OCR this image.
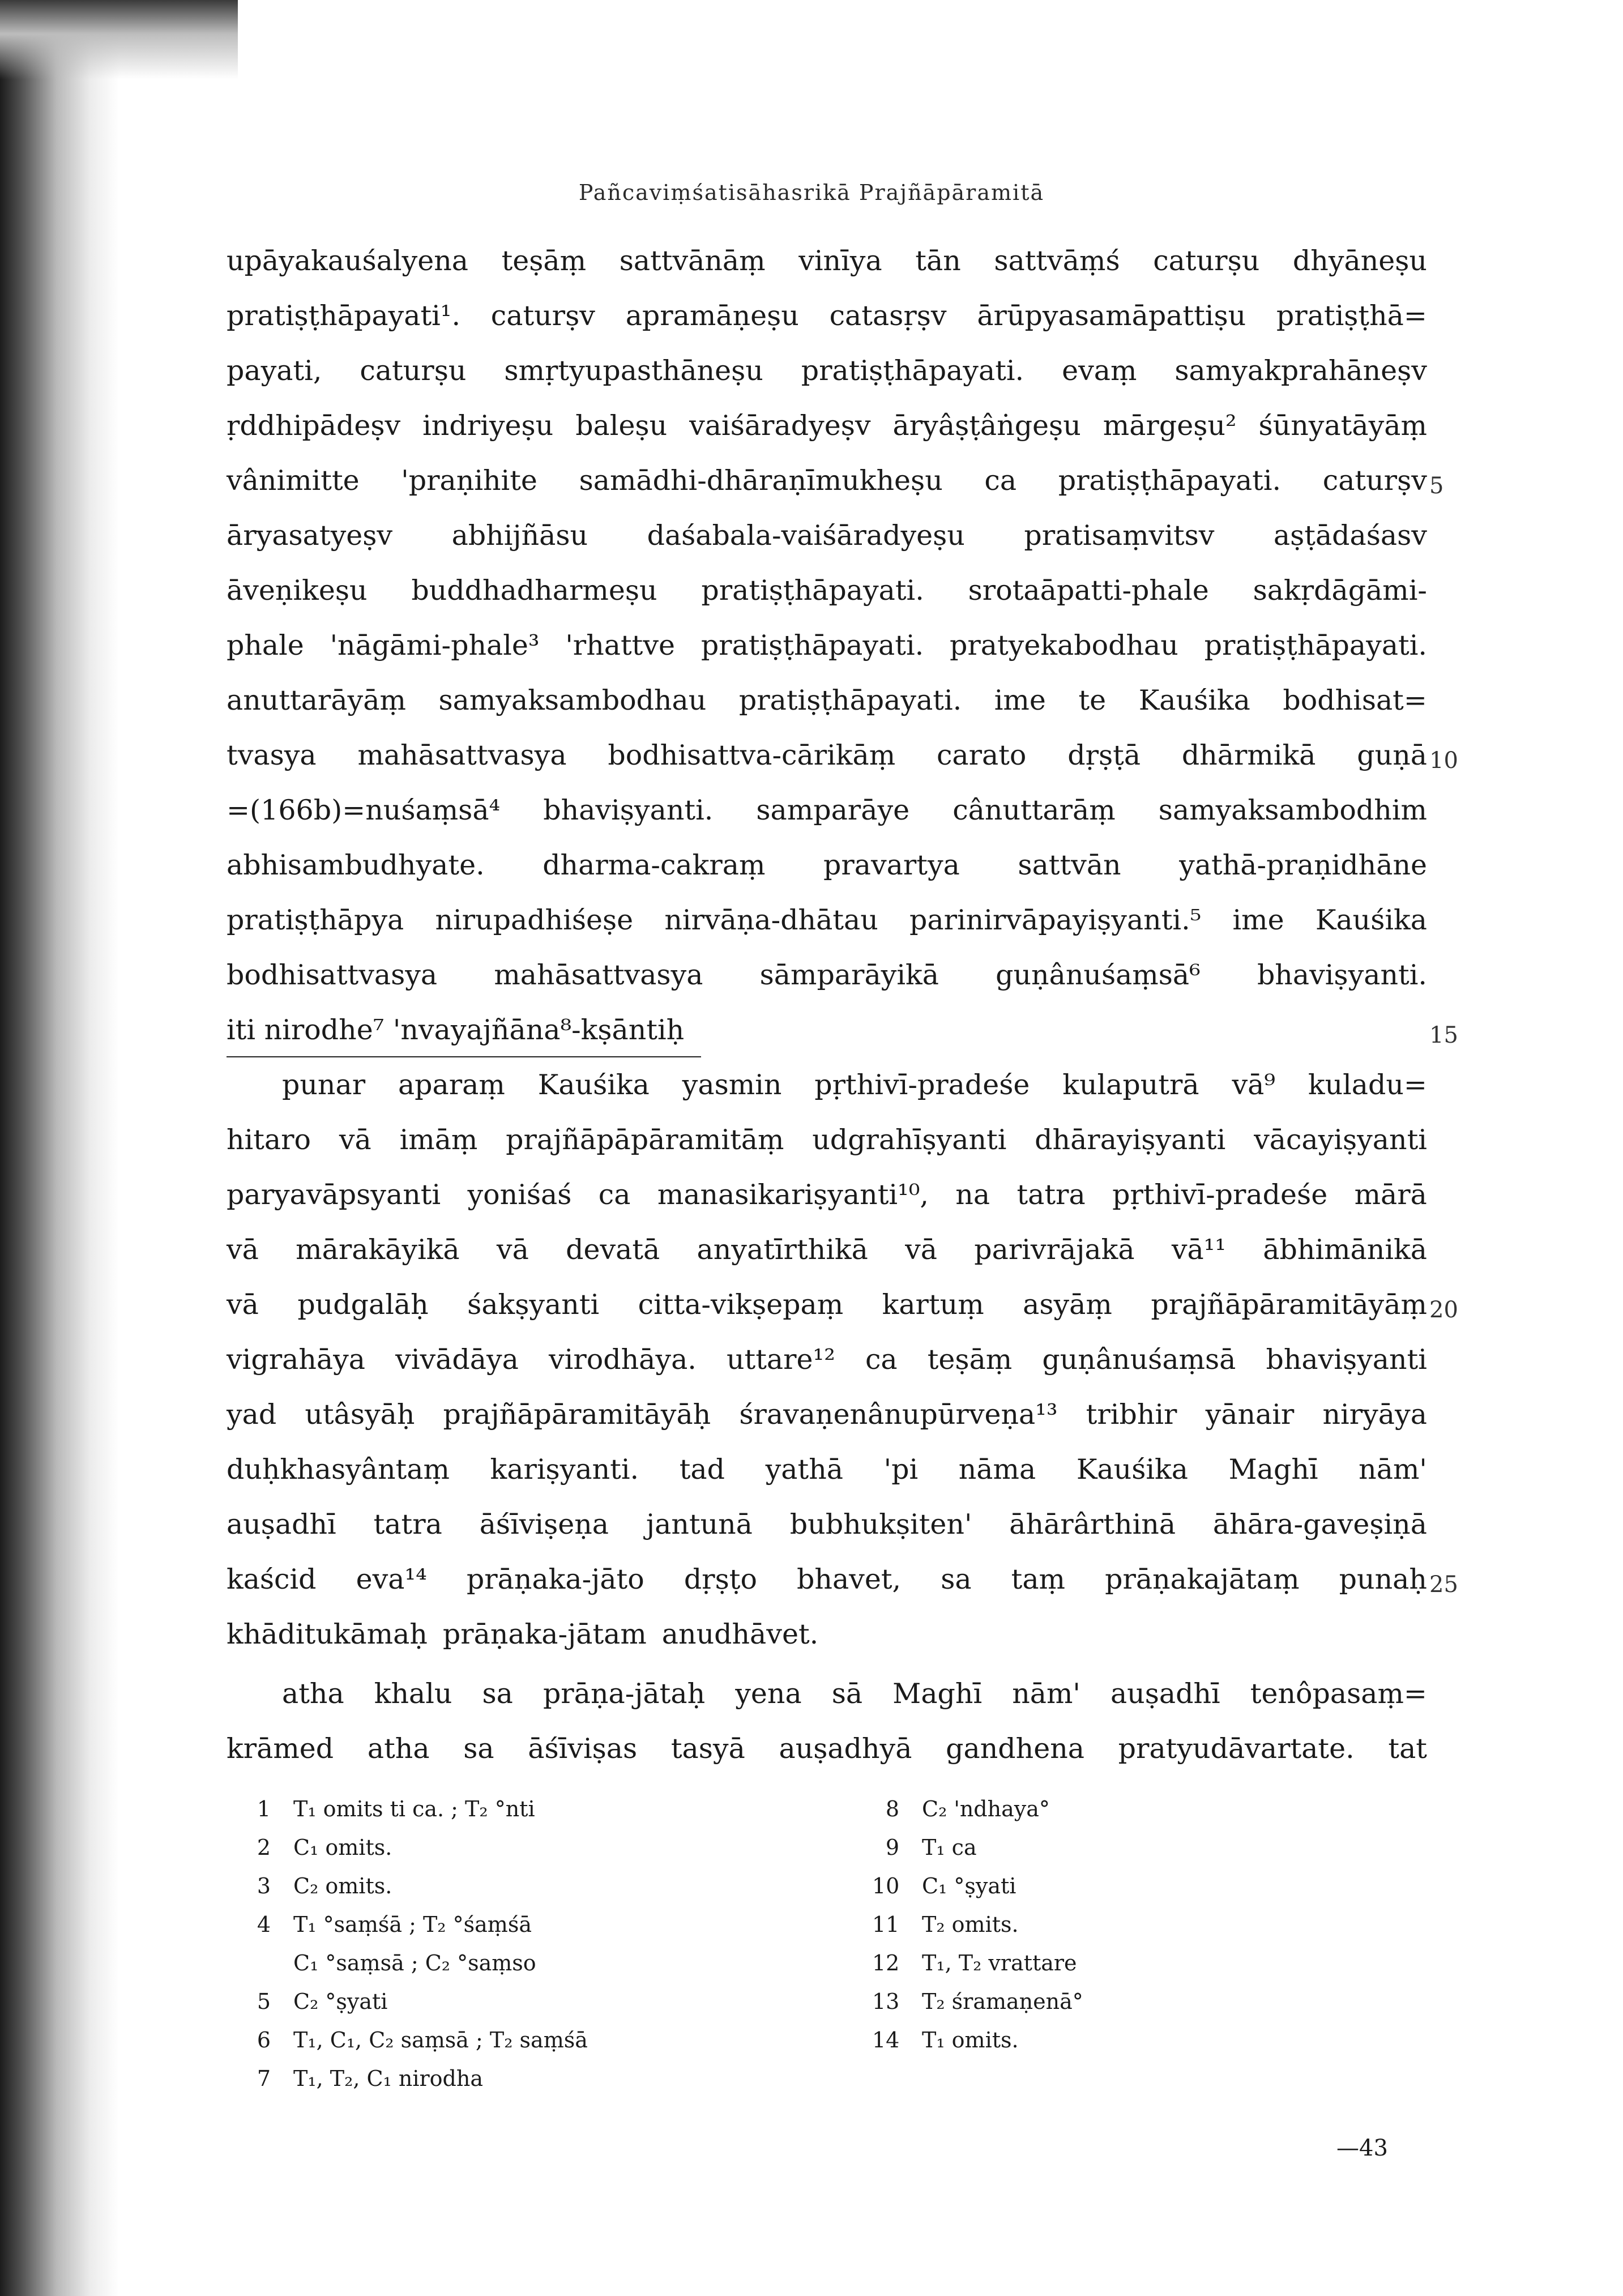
Pañcaviṃśatisāhasrikā Prajñāpāramitā
upāyakauśalyena teṣāṃ sattvānāṃ vinīya tān sattvāṃś caturṣu dhyāneṣu
pratiṣṭhāpayati¹. caturṣv apramāṇeṣu catasṛṣv ārūpyasamāpattiṣu pratiṣṭhā=
payati, caturṣu smṛtyupasthāneṣu pratiṣṭhāpayati. evaṃ samyakprahāneṣv
ṛddhipādeṣv indriyeṣu baleṣu vaiśāradyeṣv āryâṣṭâṅgeṣu mārgeṣu² śūnyatāyāṃ
vânimitte 'praṇihite samādhi-dhāraṇīmukheṣu ca pratiṣṭhāpayati. caturṣv 5
āryasatyeṣv abhijñāsu daśabala-vaiśāradyeṣu pratisaṃvitsv aṣṭādaśasv
āveṇikeṣu buddhadharmeṣu pratiṣṭhāpayati. srotaāpatti-phale sakṛdāgāmi-
phale 'nāgāmi-phale³ 'rhattve pratiṣṭhāpayati. pratyekabodhau pratiṣṭhāpayati.
anuttarāyāṃ samyaksambodhau pratiṣṭhāpayati. ime te Kauśika bodhisat=
tvasya mahāsattvasya bodhisattva-cārikāṃ carato dṛṣṭā dhārmikā guṇā 10
=(166b)=nuśaṃsā⁴ bhaviṣyanti. samparāye cânuttarāṃ samyaksambodhim
abhisambudhyate. dharma-cakraṃ pravartya sattvān yathā-praṇidhāne
pratiṣṭhāpya nirupadhiśeṣe nirvāṇa-dhātau parinirvāpayiṣyanti.⁵ ime Kauśika
bodhisattvasya mahāsattvasya sāmparāyikā guṇânuśaṃsā⁶ bhaviṣyanti.
iti nirodhe⁷ 'nvayajñāna⁸-kṣāntiḥ	15
punar aparaṃ Kauśika yasmin pṛthivī-pradeśe kulaputrā vā⁹ kuladu=
hitaro vā imāṃ prajñāpāpāramitāṃ udgrahīṣyanti dhārayiṣyanti vācayiṣyanti
paryavāpsyanti yoniśaś ca manasikariṣyanti¹⁰, na tatra pṛthivī-pradeśe mārā
vā mārakāyikā vā devatā anyatīrthikā vā parivrājakā vā¹¹ ābhimānikā
vā pudgalāḥ śakṣyanti citta-vikṣepaṃ kartuṃ asyāṃ prajñāpāramitāyāṃ 20
vigrahāya vivādāya virodhāya. uttare¹² ca teṣāṃ guṇânuśaṃsā bhaviṣyanti
yad utâsyāḥ prajñāpāramitāyāḥ śravaṇenânupūrveṇa¹³ tribhir yānair niryāya
duḥkhasyântaṃ kariṣyanti. tad yathā 'pi nāma Kauśika Maghī nām'
auṣadhī tatra āśīviṣeṇa jantunā bubhukṣiten' āhārârthinā āhāra-gaveṣiṇā
kaścid eva¹⁴ prāṇaka-jāto dṛṣṭo bhavet, sa taṃ prāṇakajātaṃ punaḥ 25
khāditukāmaḥ prāṇaka-jātam anudhāvet.
atha khalu sa prāṇa-jātaḥ yena sā Maghī nām' auṣadhī tenôpasaṃ=
krāmed atha sa āśīviṣas tasyā auṣadhyā gandhena pratyudāvartate. tat
1 T₁ omits ti ca. ; T₂ °nti
2 C₁ omits.
3 C₂ omits.
4 T₁ °saṃśā ; T₂ °śaṃśā
C₁ °saṃsā ; C₂ °saṃso
5 C₂ °ṣyati
6 T₁, C₁, C₂ saṃsā ; T₂ saṃśā
7 T₁, T₂, C₁ nirodha
8 C₂ 'ndhaya°
9 T₁ ca
10 C₁ °ṣyati
11 T₂ omits.
12 T₁, T₂ vrattare
13 T₂ śramaṇenā°
14 T₁ omits.
—43
